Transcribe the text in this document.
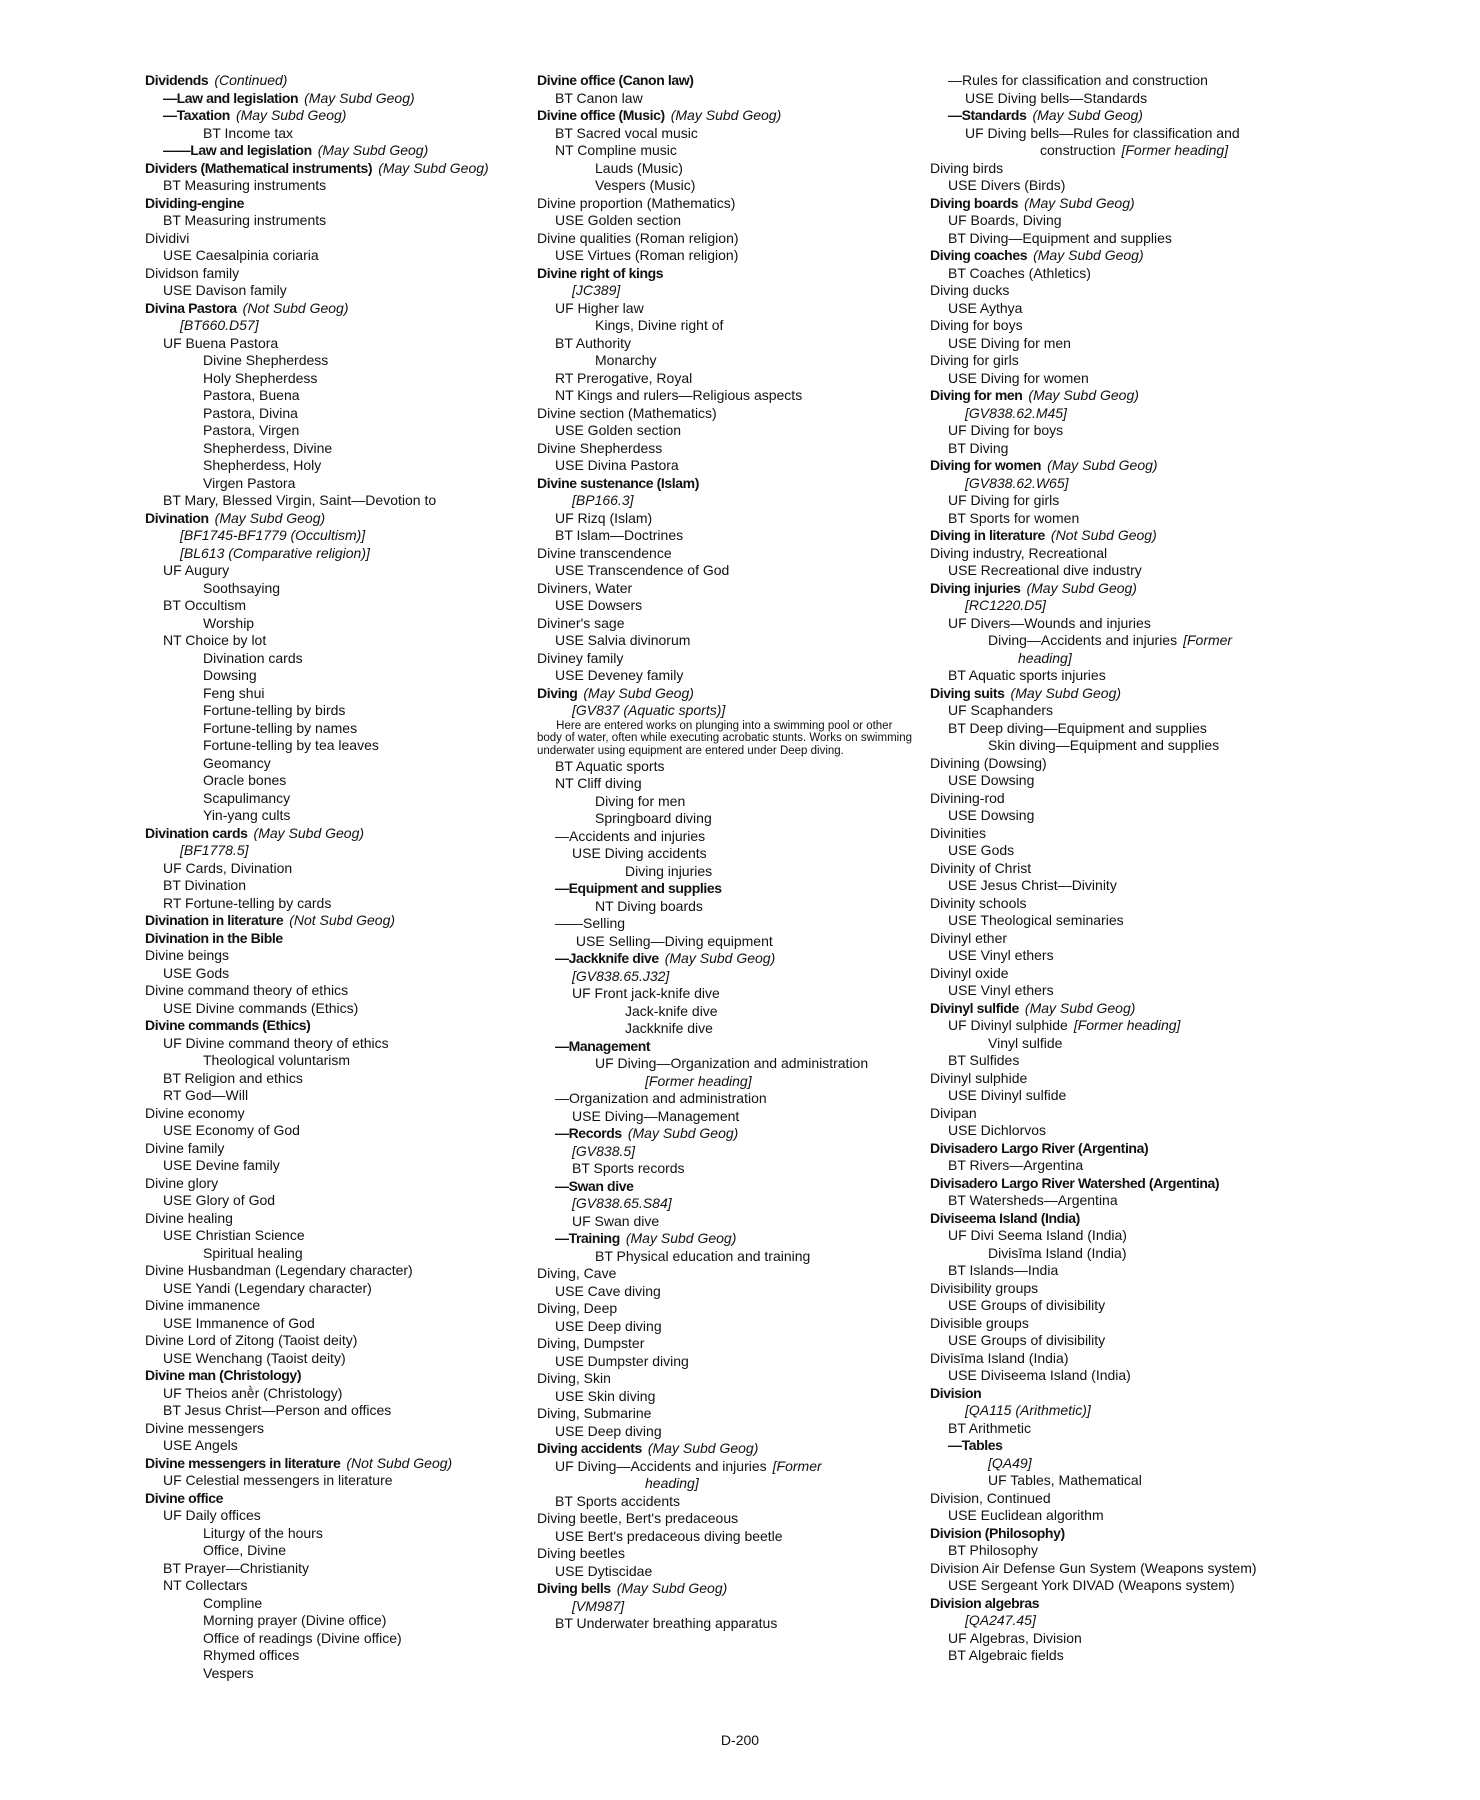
Dividends (Continued)
—Law and legislation (May Subd Geog)
—Taxation (May Subd Geog)
BT Income tax
——Law and legislation (May Subd Geog)
Dividers (Mathematical instruments) (May Subd Geog)
BT Measuring instruments
Dividing-engine
BT Measuring instruments
Dividivi
USE Caesalpinia coriaria
Dividson family
USE Davison family
Divina Pastora (Not Subd Geog)
[BT660.D57]
UF Buena Pastora
Divine Shepherdess
Holy Shepherdess
Pastora, Buena
Pastora, Divina
Pastora, Virgen
Shepherdess, Divine
Shepherdess, Holy
Virgen Pastora
BT Mary, Blessed Virgin, Saint—Devotion to
Divination (May Subd Geog)
[BF1745-BF1779 (Occultism)]
[BL613 (Comparative religion)]
UF Augury
Soothsaying
BT Occultism
Worship
NT Choice by lot
Divination cards
Dowsing
Feng shui
Fortune-telling by birds
Fortune-telling by names
Fortune-telling by tea leaves
Geomancy
Oracle bones
Scapulimancy
Yin-yang cults
Divination cards (May Subd Geog)
[BF1778.5]
UF Cards, Divination
BT Divination
RT Fortune-telling by cards
Divination in literature (Not Subd Geog)
Divination in the Bible
Divine beings
USE Gods
Divine command theory of ethics
USE Divine commands (Ethics)
Divine commands (Ethics)
UF Divine command theory of ethics
Theological voluntarism
BT Religion and ethics
RT God—Will
Divine economy
USE Economy of God
Divine family
USE Devine family
Divine glory
USE Glory of God
Divine healing
USE Christian Science
Spiritual healing
Divine Husbandman (Legendary character)
USE Yandi (Legendary character)
Divine immanence
USE Immanence of God
Divine Lord of Zitong (Taoist deity)
USE Wenchang (Taoist deity)
Divine man (Christology)
UF Theios anḕr (Christology)
BT Jesus Christ—Person and offices
Divine messengers
USE Angels
Divine messengers in literature (Not Subd Geog)
UF Celestial messengers in literature
Divine office
UF Daily offices
Liturgy of the hours
Office, Divine
BT Prayer—Christianity
NT Collectars
Compline
Morning prayer (Divine office)
Office of readings (Divine office)
Rhymed offices
Vespers
Divine office (Canon law)
BT Canon law
Divine office (Music) (May Subd Geog)
BT Sacred vocal music
NT Compline music
Lauds (Music)
Vespers (Music)
Divine proportion (Mathematics)
USE Golden section
Divine qualities (Roman religion)
USE Virtues (Roman religion)
Divine right of kings
[JC389]
UF Higher law
Kings, Divine right of
BT Authority
Monarchy
RT Prerogative, Royal
NT Kings and rulers—Religious aspects
Divine section (Mathematics)
USE Golden section
Divine Shepherdess
USE Divina Pastora
Divine sustenance (Islam)
[BP166.3]
UF Rizq (Islam)
BT Islam—Doctrines
Divine transcendence
USE Transcendence of God
Diviners, Water
USE Dowsers
Diviner's sage
USE Salvia divinorum
Diviney family
USE Deveney family
Diving (May Subd Geog)
[GV837 (Aquatic sports)]
Here are entered works on plunging into a swimming pool or other body of water, often while executing acrobatic stunts. Works on swimming underwater using equipment are entered under Deep diving.
BT Aquatic sports
NT Cliff diving
Diving for men
Springboard diving
—Accidents and injuries
USE Diving accidents
Diving injuries
—Equipment and supplies
NT Diving boards
——Selling
USE Selling—Diving equipment
—Jackknife dive (May Subd Geog)
[GV838.65.J32]
UF Front jack-knife dive
Jack-knife dive
Jackknife dive
—Management
UF Diving—Organization and administration
[Former heading]
—Organization and administration
USE Diving—Management
—Records (May Subd Geog)
[GV838.5]
BT Sports records
—Swan dive
[GV838.65.S84]
UF Swan dive
—Training (May Subd Geog)
BT Physical education and training
Diving, Cave
USE Cave diving
Diving, Deep
USE Deep diving
Diving, Dumpster
USE Dumpster diving
Diving, Skin
USE Skin diving
Diving, Submarine
USE Deep diving
Diving accidents (May Subd Geog)
UF Diving—Accidents and injuries [Former
heading]
BT Sports accidents
Diving beetle, Bert's predaceous
USE Bert's predaceous diving beetle
Diving beetles
USE Dytiscidae
Diving bells (May Subd Geog)
[VM987]
BT Underwater breathing apparatus
—Rules for classification and construction
USE Diving bells—Standards
—Standards (May Subd Geog)
UF Diving bells—Rules for classification and
construction [Former heading]
Diving birds
USE Divers (Birds)
Diving boards (May Subd Geog)
UF Boards, Diving
BT Diving—Equipment and supplies
Diving coaches (May Subd Geog)
BT Coaches (Athletics)
Diving ducks
USE Aythya
Diving for boys
USE Diving for men
Diving for girls
USE Diving for women
Diving for men (May Subd Geog)
[GV838.62.M45]
UF Diving for boys
BT Diving
Diving for women (May Subd Geog)
[GV838.62.W65]
UF Diving for girls
BT Sports for women
Diving in literature (Not Subd Geog)
Diving industry, Recreational
USE Recreational dive industry
Diving injuries (May Subd Geog)
[RC1220.D5]
UF Divers—Wounds and injuries
Diving—Accidents and injuries [Former
heading]
BT Aquatic sports injuries
Diving suits (May Subd Geog)
UF Scaphanders
BT Deep diving—Equipment and supplies
Skin diving—Equipment and supplies
Divining (Dowsing)
USE Dowsing
Divining-rod
USE Dowsing
Divinities
USE Gods
Divinity of Christ
USE Jesus Christ—Divinity
Divinity schools
USE Theological seminaries
Divinyl ether
USE Vinyl ethers
Divinyl oxide
USE Vinyl ethers
Divinyl sulfide (May Subd Geog)
UF Divinyl sulphide [Former heading]
Vinyl sulfide
BT Sulfides
Divinyl sulphide
USE Divinyl sulfide
Divipan
USE Dichlorvos
Divisadero Largo River (Argentina)
BT Rivers—Argentina
Divisadero Largo River Watershed (Argentina)
BT Watersheds—Argentina
Diviseema Island (India)
UF Divi Seema Island (India)
Divisīma Island (India)
BT Islands—India
Divisibility groups
USE Groups of divisibility
Divisible groups
USE Groups of divisibility
Divisīma Island (India)
USE Diviseema Island (India)
Division
[QA115 (Arithmetic)]
BT Arithmetic
—Tables
[QA49]
UF Tables, Mathematical
Division, Continued
USE Euclidean algorithm
Division (Philosophy)
BT Philosophy
Division Air Defense Gun System (Weapons system)
USE Sergeant York DIVAD (Weapons system)
Division algebras
[QA247.45]
UF Algebras, Division
BT Algebraic fields
D-200
